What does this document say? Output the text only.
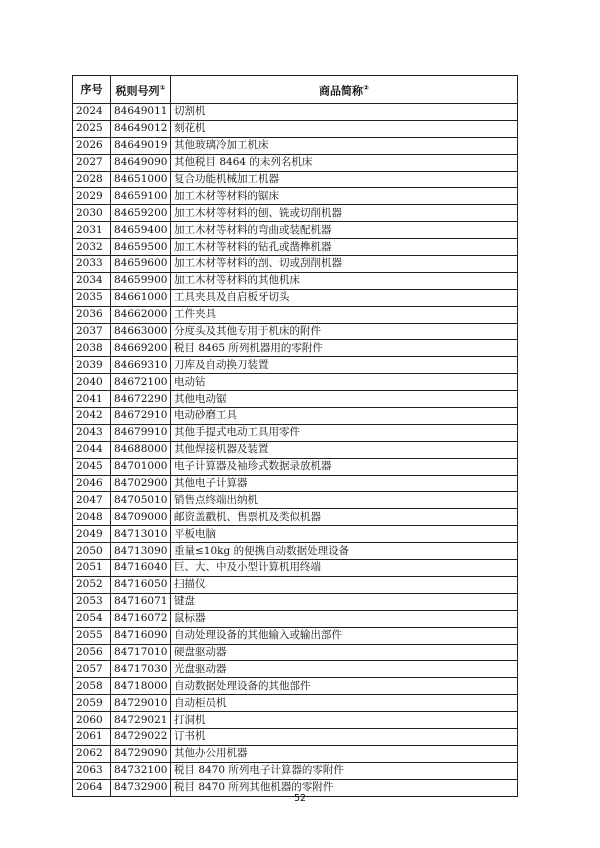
序号	税则号列①	商品简称②
2024	84649011	切割机
2025	84649012	刻花机
2026	84649019	其他玻璃冷加工机床
2027	84649090	其他税目 8464 的未列名机床
2028	84651000	复合功能机械加工机器
2029	84659100	加工木材等材料的锯床
2030	84659200	加工木材等材料的刨、铣或切削机器
2031	84659400	加工木材等材料的弯曲或装配机器
2032	84659500	加工木材等材料的钻孔或凿榫机器
2033	84659600	加工木材等材料的剖、切或刮削机器
2034	84659900	加工木材等材料的其他机床
2035	84661000	工具夹具及自启板牙切头
2036	84662000	工件夹具
2037	84663000	分度头及其他专用于机床的附件
2038	84669200	税目 8465 所列机器用的零附件
2039	84669310	刀库及自动换刀装置
2040	84672100	电动钻
2041	84672290	其他电动锯
2042	84672910	电动砂磨工具
2043	84679910	其他手提式电动工具用零件
2044	84688000	其他焊接机器及装置
2045	84701000	电子计算器及袖珍式数据录放机器
2046	84702900	其他电子计算器
2047	84705010	销售点终端出纳机
2048	84709000	邮资盖戳机、售票机及类似机器
2049	84713010	平板电脑
2050	84713090	重量≤10kg 的便携自动数据处理设备
2051	84716040	巨、大、中及小型计算机用终端
2052	84716050	扫描仪
2053	84716071	键盘
2054	84716072	鼠标器
2055	84716090	自动处理设备的其他输入或输出部件
2056	84717010	硬盘驱动器
2057	84717030	光盘驱动器
2058	84718000	自动数据处理设备的其他部件
2059	84729010	自动柜员机
2060	84729021	打洞机
2061	84729022	订书机
2062	84729090	其他办公用机器
2063	84732100	税目 8470 所列电子计算器的零附件
2064	84732900	税目 8470 所列其他机器的零附件
52
